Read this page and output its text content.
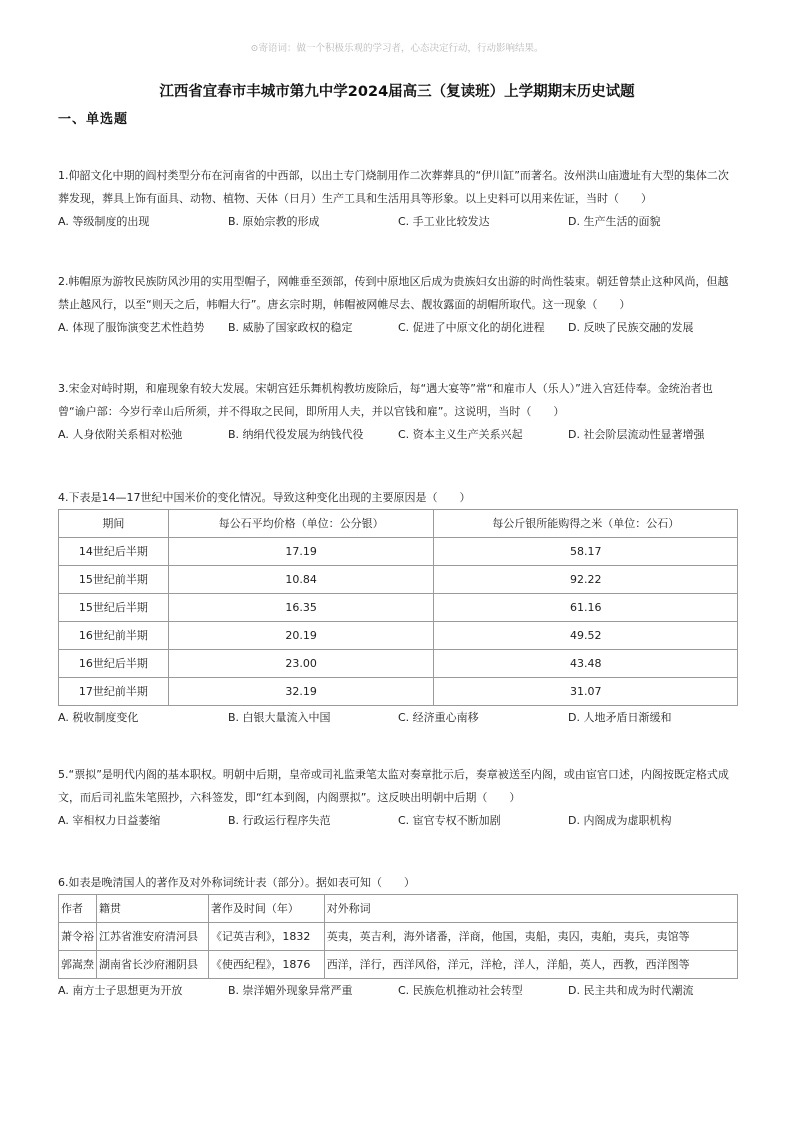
⊙寄语词：做一个积极乐观的学习者，心态决定行动，行动影响结果。
江西省宜春市丰城市第九中学2024届高三（复读班）上学期期末历史试题
一、单选题

1.仰韶文化中期的阎村类型分布在河南省的中西部，以出土专门烧制用作二次葬葬具的“伊川缸”而著名。汝州洪山庙遗址有大型的集体二次葬发现，葬具上饰有面具、动物、植物、天体（日月）生产工具和生活用具等形象。以上史料可以用来佐证，当时（　　）

A. 等级制度的出现	B. 原始宗教的形成	C. 手工业比较发达	D. 生产生活的面貌

2.帏帽原为游牧民族防风沙用的实用型帽子，网帷垂至颈部，传到中原地区后成为贵族妇女出游的时尚性装束。朝廷曾禁止这种风尚，但越禁止越风行，以至“则天之后，帏帽大行”。唐玄宗时期，帏帽被网帷尽去、靓妆露面的胡帽所取代。这一现象（　　）

A. 体现了服饰演变艺术性趋势	B. 威胁了国家政权的稳定	C. 促进了中原文化的胡化进程	D. 反映了民族交融的发展

3.宋金对峙时期，和雇现象有较大发展。宋朝宫廷乐舞机构教坊废除后，每“遇大宴等”常“和雇市人（乐人）”进入宫廷侍奉。金统治者也曾“谕户部：今岁行幸山后所须，并不得取之民间，即所用人夫，并以官钱和雇”。这说明，当时（　　）

A. 人身依附关系相对松弛	B. 纳绢代役发展为纳钱代役	C. 资本主义生产关系兴起	D. 社会阶层流动性显著增强

4.下表是14—17世纪中国米价的变化情况。导致这种变化出现的主要原因是（　　）

期间	每公石平均价格（单位：公分银）	每公斤银所能购得之米（单位：公石）
14世纪后半期	17.19	58.17
15世纪前半期	10.84	92.22
15世纪后半期	16.35	61.16
16世纪前半期	20.19	49.52
16世纪后半期	23.00	43.48
17世纪前半期	32.19	31.07
A. 税收制度变化	B. 白银大量流入中国	C. 经济重心南移	D. 人地矛盾日渐缓和

5.“票拟”是明代内阁的基本职权。明朝中后期，皇帝或司礼监秉笔太监对奏章批示后，奏章被送至内阁，或由宦官口述，内阁按既定格式成文，而后司礼监朱笔照抄，六科签发，即“红本到阁，内阁票拟”。这反映出明朝中后期（　　）

A. 宰相权力日益萎缩	B. 行政运行程序失范	C. 宦官专权不断加剧	D. 内阁成为虚职机构

6.如表是晚清国人的著作及对外称词统计表（部分）。据如表可知（　　）

作者	籍贯	著作及时间（年）	对外称词
萧令裕	江苏省淮安府清河县	《记英吉利》，1832	英夷，英吉利，海外诸番，洋商，他国，夷船，夷囚，夷舶，夷兵，夷馆等
郭嵩焘	湖南省长沙府湘阴县	《使西纪程》，1876	西洋，洋行，西洋风俗，洋元，洋枪，洋人，洋船，英人，西教，西洋图等
A. 南方士子思想更为开放	B. 崇洋媚外现象异常严重	C. 民族危机推动社会转型	D. 民主共和成为时代潮流
